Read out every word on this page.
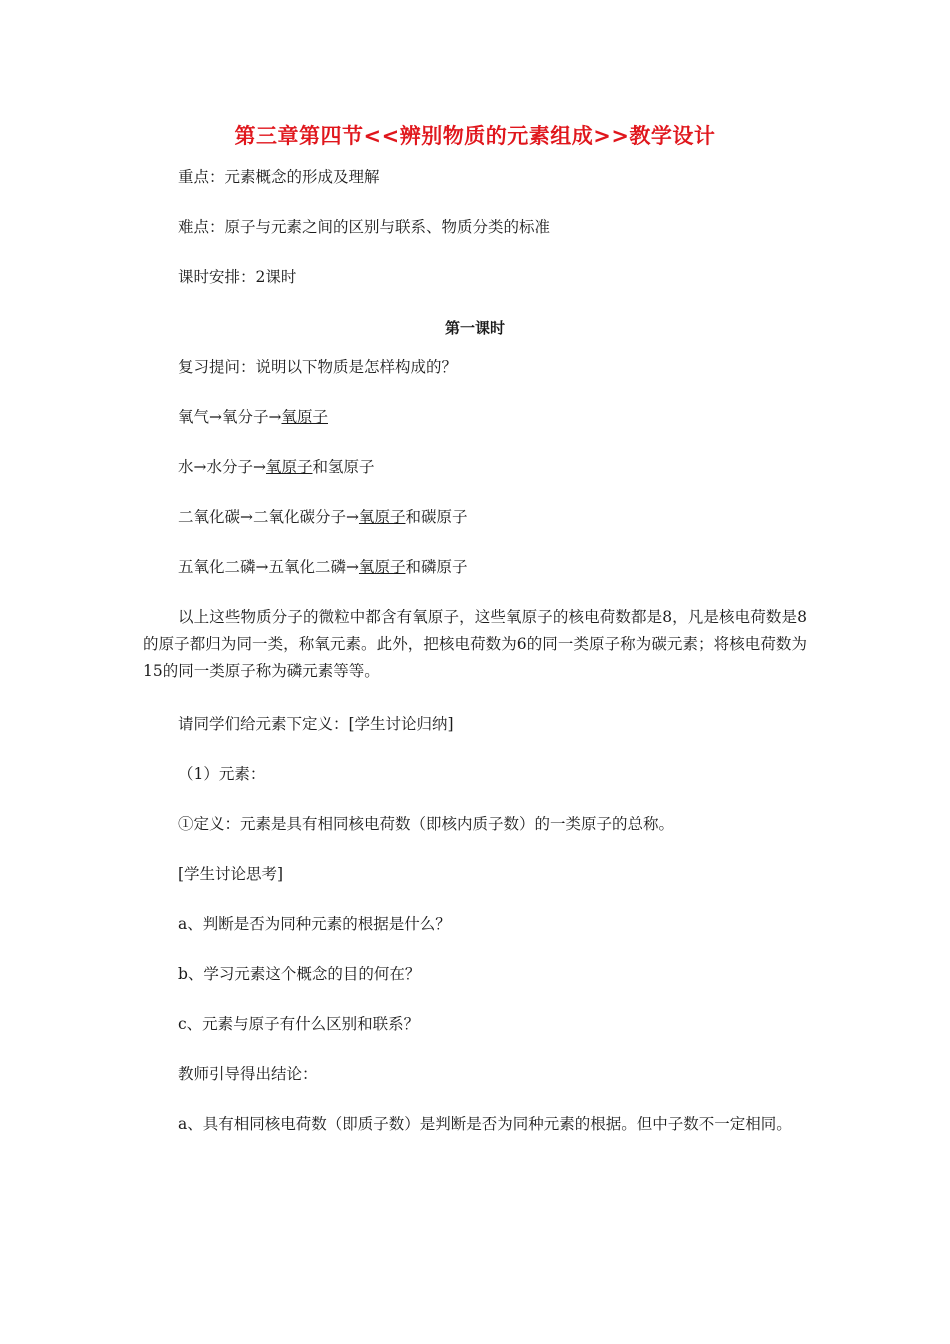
第三章第四节<<辨别物质的元素组成>>教学设计
重点：元素概念的形成及理解
难点：原子与元素之间的区别与联系、物质分类的标准
课时安排：2课时
第一课时
复习提问：说明以下物质是怎样构成的？
氧气→氧分子→氧原子
水→水分子→氧原子和氢原子
二氧化碳→二氧化碳分子→氧原子和碳原子
五氧化二磷→五氧化二磷→氧原子和磷原子
以上这些物质分子的微粒中都含有氧原子，这些氧原子的核电荷数都是8，凡是核电荷数是8的原子都归为同一类，称氧元素。此外，把核电荷数为6的同一类原子称为碳元素；将核电荷数为15的同一类原子称为磷元素等等。
请同学们给元素下定义：[学生讨论归纳]
（1）元素：
①定义：元素是具有相同核电荷数（即核内质子数）的一类原子的总称。
[学生讨论思考]
a、判断是否为同种元素的根据是什么？
b、学习元素这个概念的目的何在？
c、元素与原子有什么区别和联系？
教师引导得出结论：
a、具有相同核电荷数（即质子数）是判断是否为同种元素的根据。但中子数不一定相同。
